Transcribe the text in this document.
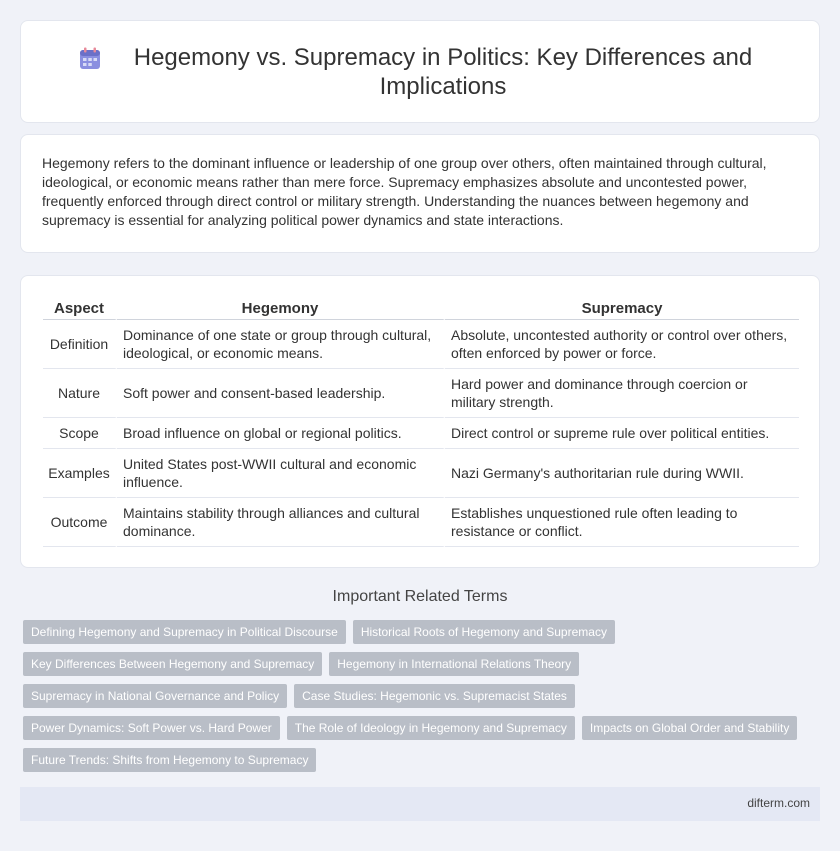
Hegemony vs. Supremacy in Politics: Key Differences and Implications

Hegemony refers to the dominant influence or leadership of one group over others, often maintained through cultural, ideological, or economic means rather than mere force. Supremacy emphasizes absolute and uncontested power, frequently enforced through direct control or military strength. Understanding the nuances between hegemony and supremacy is essential for analyzing political power dynamics and state interactions.

Aspect	Hegemony	Supremacy
Definition	Dominance of one state or group through cultural, ideological, or economic means.	Absolute, uncontested authority or control over others, often enforced by power or force.
Nature	Soft power and consent-based leadership.	Hard power and dominance through coercion or military strength.
Scope	Broad influence on global or regional politics.	Direct control or supreme rule over political entities.
Examples	United States post-WWII cultural and economic influence.	Nazi Germany's authoritarian rule during WWII.
Outcome	Maintains stability through alliances and cultural dominance.	Establishes unquestioned rule often leading to resistance or conflict.
Important Related Terms
Defining Hegemony and Supremacy in Political Discourse	Historical Roots of Hegemony and Supremacy
Key Differences Between Hegemony and Supremacy	Hegemony in International Relations Theory
Supremacy in National Governance and Policy	Case Studies: Hegemonic vs. Supremacist States
Power Dynamics: Soft Power vs. Hard Power	The Role of Ideology in Hegemony and Supremacy	Impacts on Global Order and Stability
Future Trends: Shifts from Hegemony to Supremacy
difterm.com
